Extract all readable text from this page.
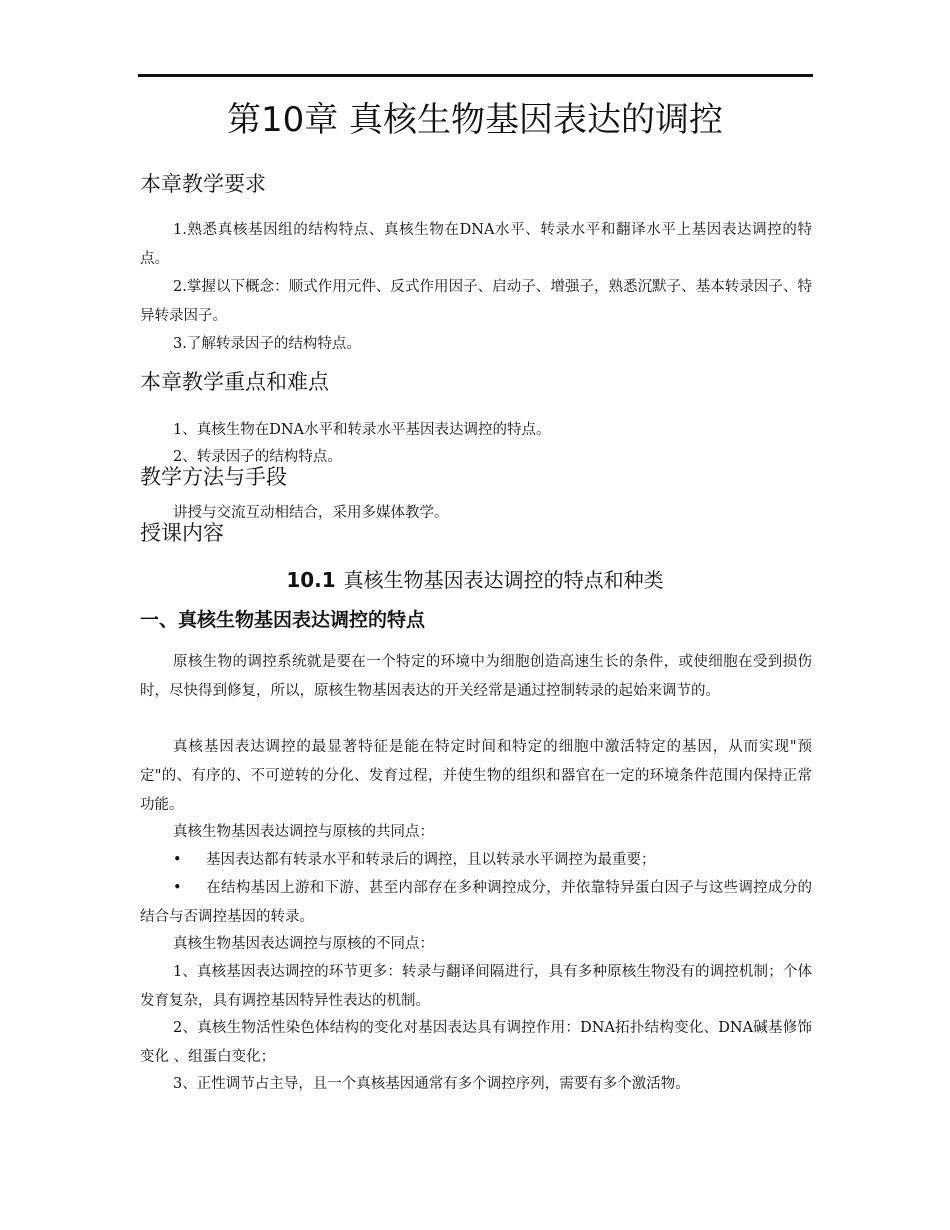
第10章 真核生物基因表达的调控
本章教学要求
1.熟悉真核基因组的结构特点、真核生物在DNA水平、转录水平和翻译水平上基因表达调控的特点。
2.掌握以下概念：顺式作用元件、反式作用因子、启动子、增强子，熟悉沉默子、基本转录因子、特异转录因子。
3.了解转录因子的结构特点。
本章教学重点和难点
1、真核生物在DNA水平和转录水平基因表达调控的特点。
2、转录因子的结构特点。
教学方法与手段
讲授与交流互动相结合，采用多媒体教学。
授课内容
10.1 真核生物基因表达调控的特点和种类
一、真核生物基因表达调控的特点
原核生物的调控系统就是要在一个特定的环境中为细胞创造高速生长的条件，或使细胞在受到损伤时，尽快得到修复，所以，原核生物基因表达的开关经常是通过控制转录的起始来调节的。
真核基因表达调控的最显著特征是能在特定时间和特定的细胞中激活特定的基因，从而实现"预定"的、有序的、不可逆转的分化、发育过程，并使生物的组织和器官在一定的环境条件范围内保持正常功能。
真核生物基因表达调控与原核的共同点：
• 基因表达都有转录水平和转录后的调控，且以转录水平调控为最重要；
• 在结构基因上游和下游、甚至内部存在多种调控成分，并依靠特异蛋白因子与这些调控成分的结合与否调控基因的转录。
真核生物基因表达调控与原核的不同点：
1、真核基因表达调控的环节更多：转录与翻译间隔进行，具有多种原核生物没有的调控机制；个体发育复杂，具有调控基因特异性表达的机制。
2、真核生物活性染色体结构的变化对基因表达具有调控作用：DNA拓扑结构变化、DNA碱基修饰变化 、组蛋白变化；
3、正性调节占主导，且一个真核基因通常有多个调控序列，需要有多个激活物。
